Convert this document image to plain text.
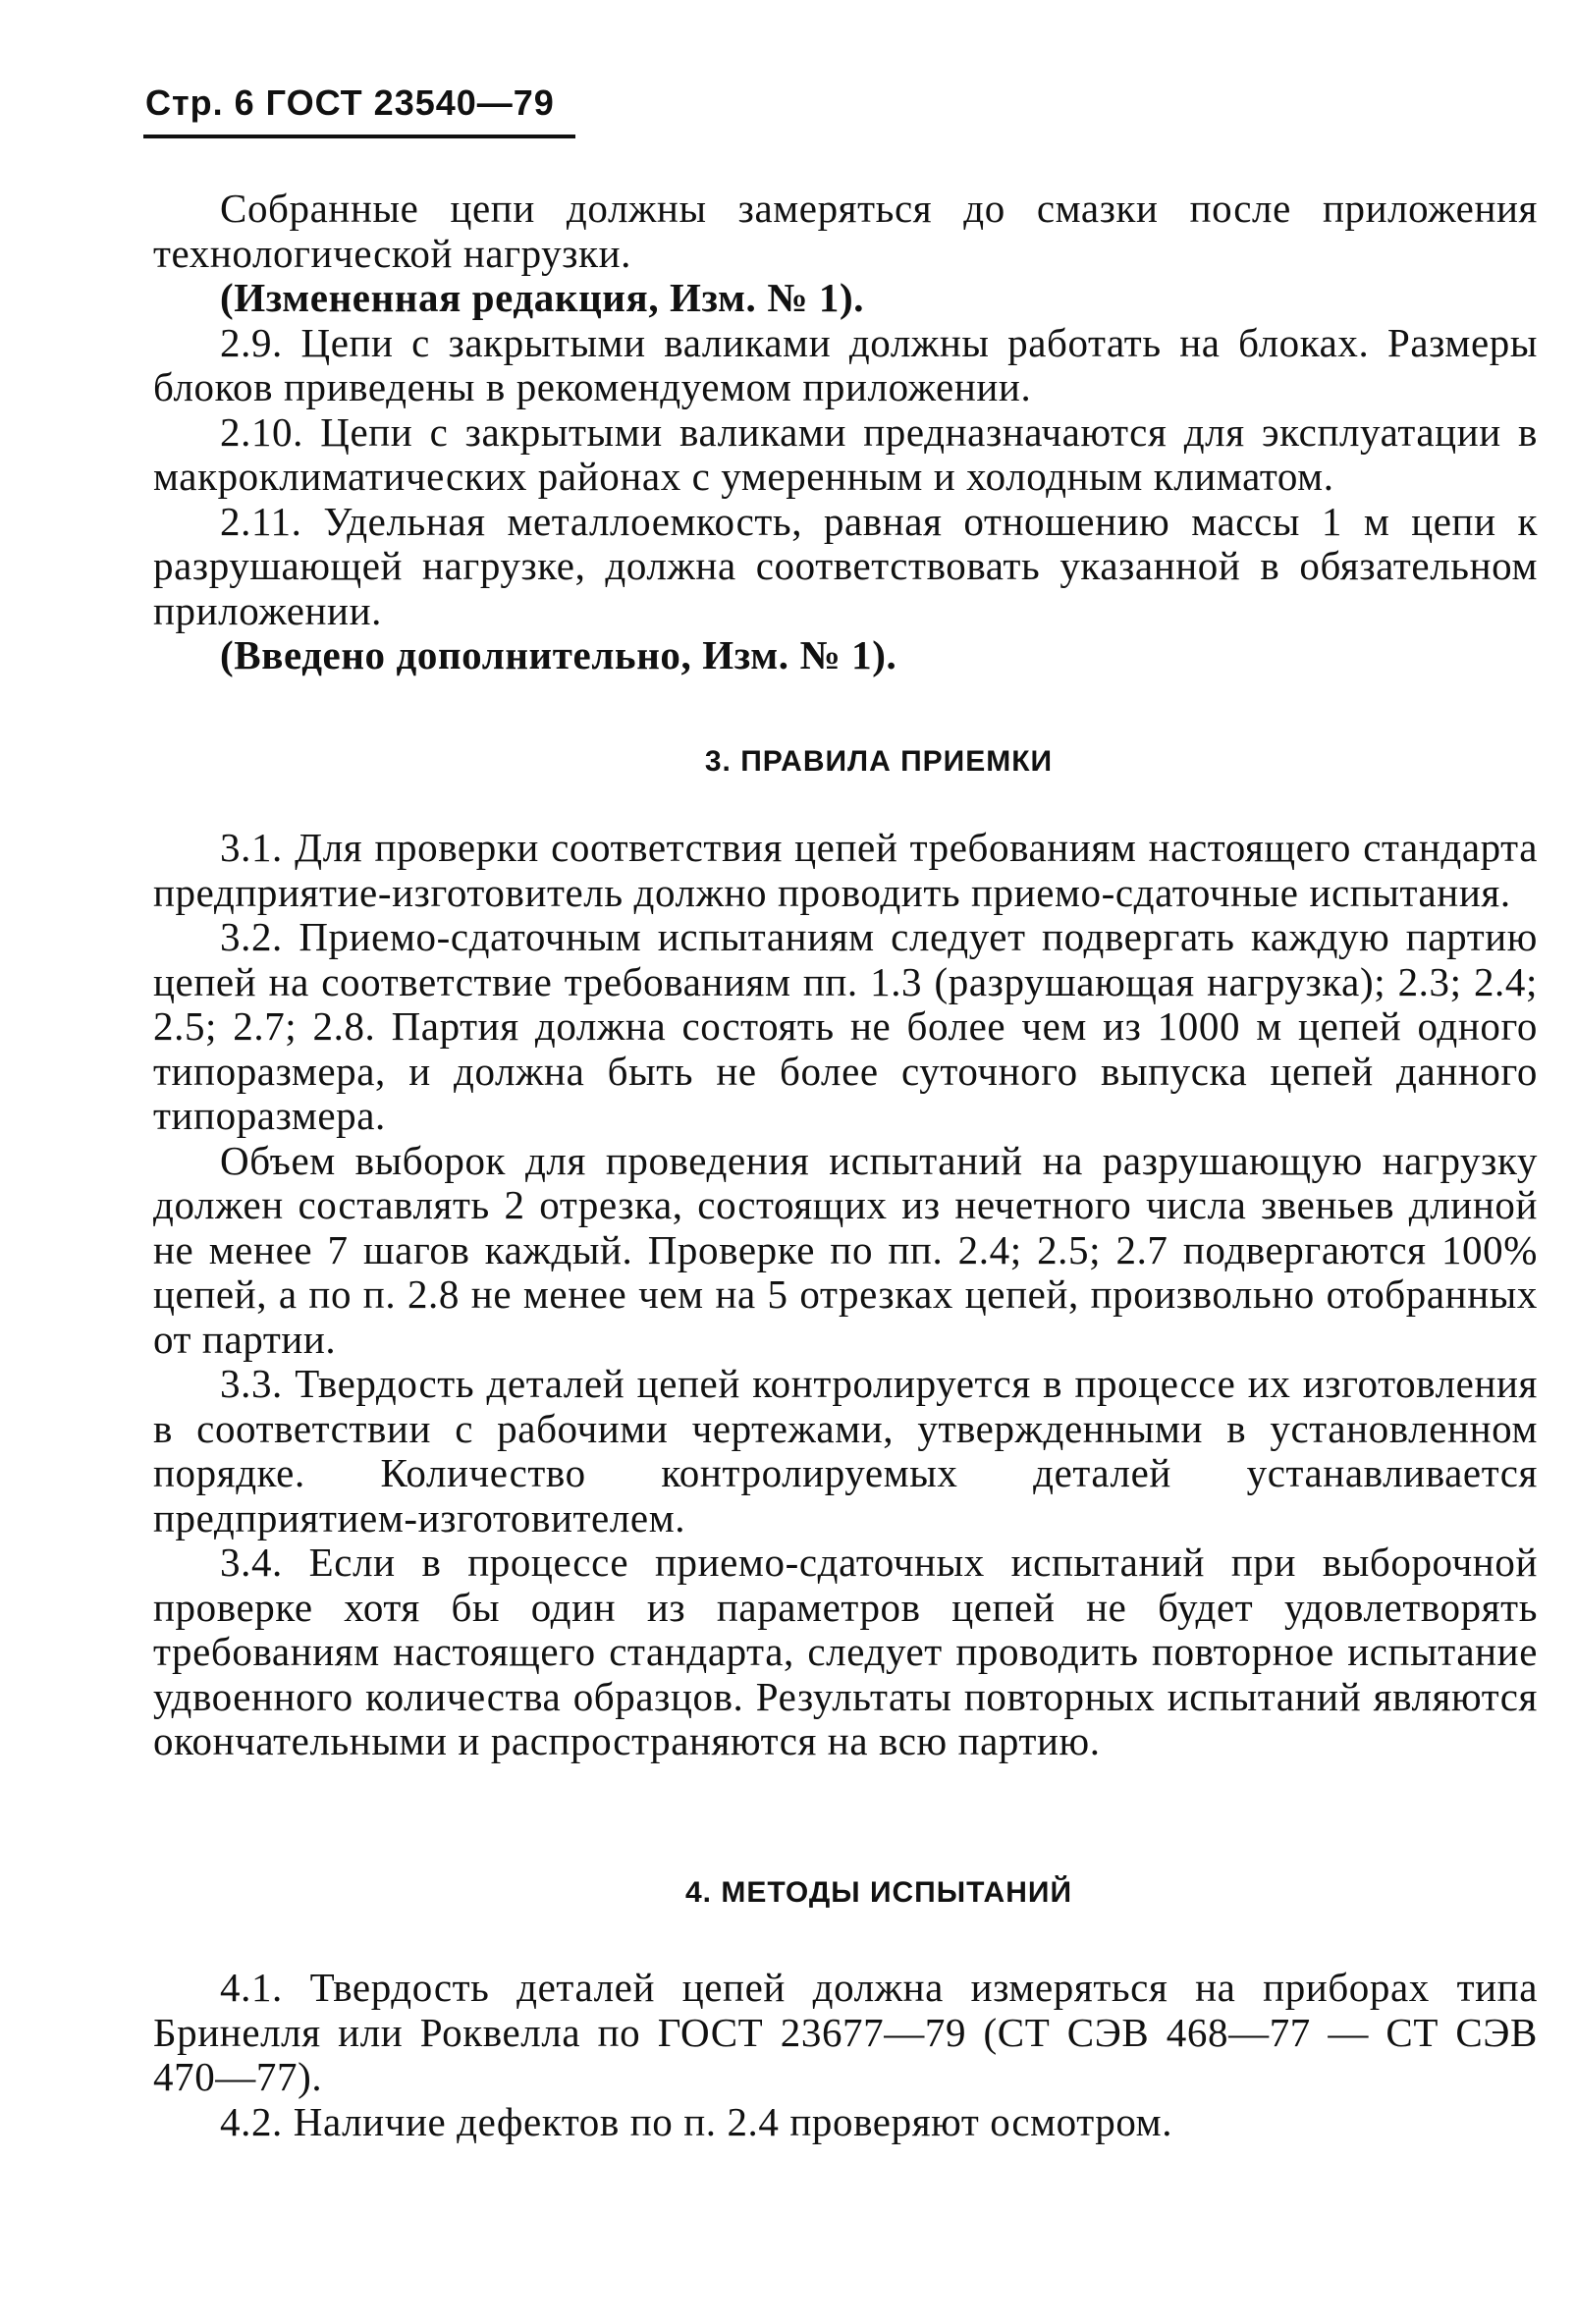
Стр. 6 ГОСТ 23540—79

Собранные цепи должны замеряться до смазки после приложения технологической нагрузки.

(Измененная редакция, Изм. № 1).

2.9. Цепи с закрытыми валиками должны работать на блоках. Размеры блоков приведены в рекомендуемом приложении.

2.10. Цепи с закрытыми валиками предназначаются для эксплуатации в макроклиматических районах с умеренным и холодным климатом.

2.11. Удельная металлоемкость, равная отношению массы 1 м цепи к разрушающей нагрузке, должна соответствовать указанной в обязательном приложении.

(Введено дополнительно, Изм. № 1).

3. ПРАВИЛА ПРИЕМКИ

3.1. Для проверки соответствия цепей требованиям настоящего стандарта предприятие-изготовитель должно проводить приемо-сдаточные испытания.

3.2. Приемо-сдаточным испытаниям следует подвергать каждую партию цепей на соответствие требованиям пп. 1.3 (разрушающая нагрузка); 2.3; 2.4; 2.5; 2.7; 2.8. Партия должна состоять не более чем из 1000 м цепей одного типоразмера, и должна быть не более суточного выпуска цепей данного типоразмера.

Объем выборок для проведения испытаний на разрушающую нагрузку должен составлять 2 отрезка, состоящих из нечетного числа звеньев длиной не менее 7 шагов каждый. Проверке по пп. 2.4; 2.5; 2.7 подвергаются 100% цепей, а по п. 2.8 не менее чем на 5 отрезках цепей, произвольно отобранных от партии.

3.3. Твердость деталей цепей контролируется в процессе их изготовления в соответствии с рабочими чертежами, утвержденными в установленном порядке. Количество контролируемых деталей устанавливается предприятием-изготовителем.

3.4. Если в процессе приемо-сдаточных испытаний при выборочной проверке хотя бы один из параметров цепей не будет удовлетворять требованиям настоящего стандарта, следует проводить повторное испытание удвоенного количества образцов. Результаты повторных испытаний являются окончательными и распространяются на всю партию.

4. МЕТОДЫ ИСПЫТАНИЙ

4.1. Твердость деталей цепей должна измеряться на приборах типа Бринелля или Роквелла по ГОСТ 23677—79 (СТ СЭВ 468—77 — СТ СЭВ 470—77).

4.2. Наличие дефектов по п. 2.4 проверяют осмотром.
